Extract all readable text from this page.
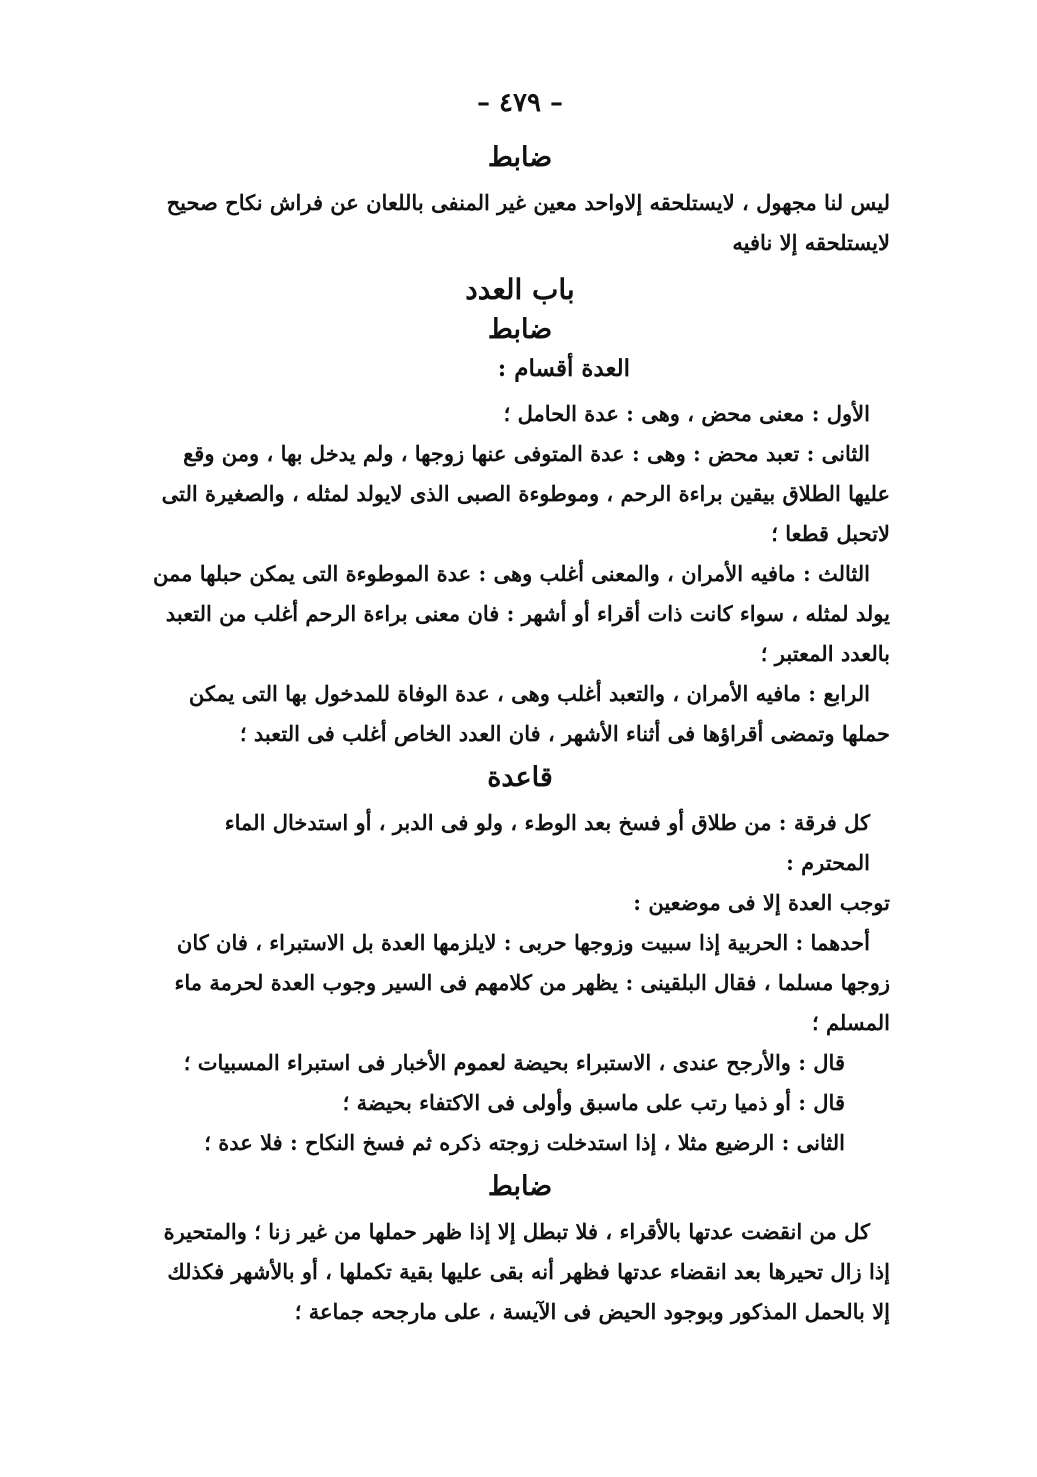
– ٤٧٩ –
ضابط

ليس لنا مجهول ، لايستلحقه إلاواحد معين غير المنفى باللعان عن فراش نكاح صحيح

لايستلحقه إلا نافيه

باب العدد
ضابط
العدة أقسام :

الأول : معنى محض ، وهى : عدة الحامل ؛

الثانى : تعبد محض : وهى : عدة المتوفى عنها زوجها ، ولم يدخل بها ، ومن وقع

عليها الطلاق بيقين براءة الرحم ، وموطوءة الصبى الذى لايولد لمثله ، والصغيرة التى

لاتحبل قطعا ؛

الثالث : مافيه الأمران ، والمعنى أغلب وهى : عدة الموطوءة التى يمكن حبلها ممن

يولد لمثله ، سواء كانت ذات أقراء أو أشهر : فان معنى براءة الرحم أغلب من التعبد

بالعدد المعتبر ؛

الرابع : مافيه الأمران ، والتعبد أغلب وهى ، عدة الوفاة للمدخول بها التى يمكن

حملها وتمضى أقراؤها فى أثناء الأشهر ، فان العدد الخاص أغلب فى التعبد ؛

قاعدة

كل فرقة : من طلاق أو فسخ بعد الوطء ، ولو فى الدبر ، أو استدخال الماء المحترم :

توجب العدة إلا فى موضعين :

أحدهما : الحربية إذا سبيت وزوجها حربى : لايلزمها العدة بل الاستبراء ، فان كان

زوجها مسلما ، فقال البلقينى : يظهر من كلامهم فى السير وجوب العدة لحرمة ماء المسلم ؛

قال : والأرجح عندى ، الاستبراء بحيضة لعموم الأخبار فى استبراء المسبيات ؛

قال : أو ذميا رتب على ماسبق وأولى فى الاكتفاء بحيضة ؛

الثانى : الرضيع مثلا ، إذا استدخلت زوجته ذكره ثم فسخ النكاح : فلا عدة ؛

ضابط

كل من انقضت عدتها بالأقراء ، فلا تبطل إلا إذا ظهر حملها من غير زنا ؛ والمتحيرة

إذا زال تحيرها بعد انقضاء عدتها فظهر أنه بقى عليها بقية تكملها ، أو بالأشهر فكذلك

إلا بالحمل المذكور وبوجود الحيض فى الآيسة ، على مارجحه جماعة ؛
